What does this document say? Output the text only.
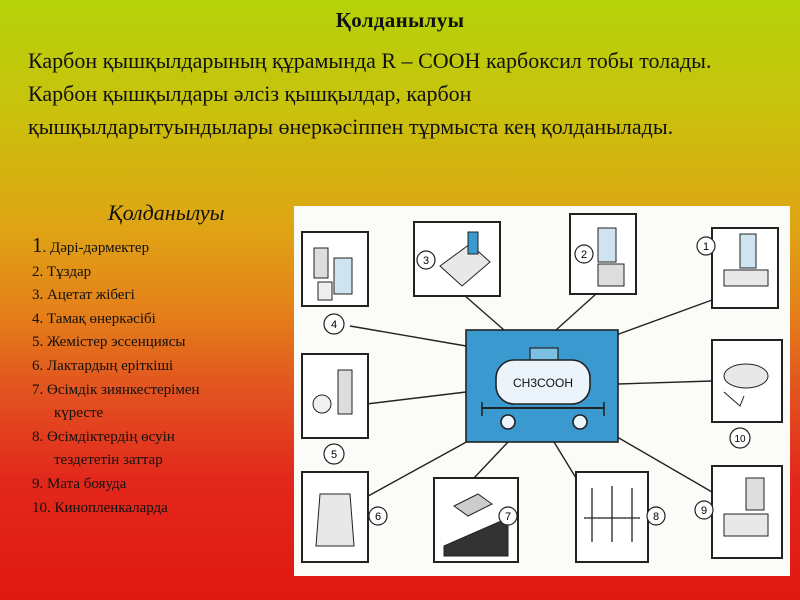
Қолданылуы
Карбон қышқылдарының құрамында R – COOH карбоксил тобы толады. Карбон қышқылдары әлсіз қышқылдар, карбон қышқылдарытуындылары өнеркәсіппен тұрмыста кең қолданылады.
Қолданылуы
1. Дәрі-дәрмектер
2. Тұздар
3. Ацетат жібегі
4. Тамақ өнеркәсібі
5. Жемістер эссенциясы
6. Лактардың еріткіші
7. Өсімдік зиянкестерімен
күресте
8. Өсімдіктердің өсуін
тездететін заттар
9. Мата бояуда
10. Кинопленкаларда
CH3COOH
4
3	2
1
5
10
6	7	8	9
